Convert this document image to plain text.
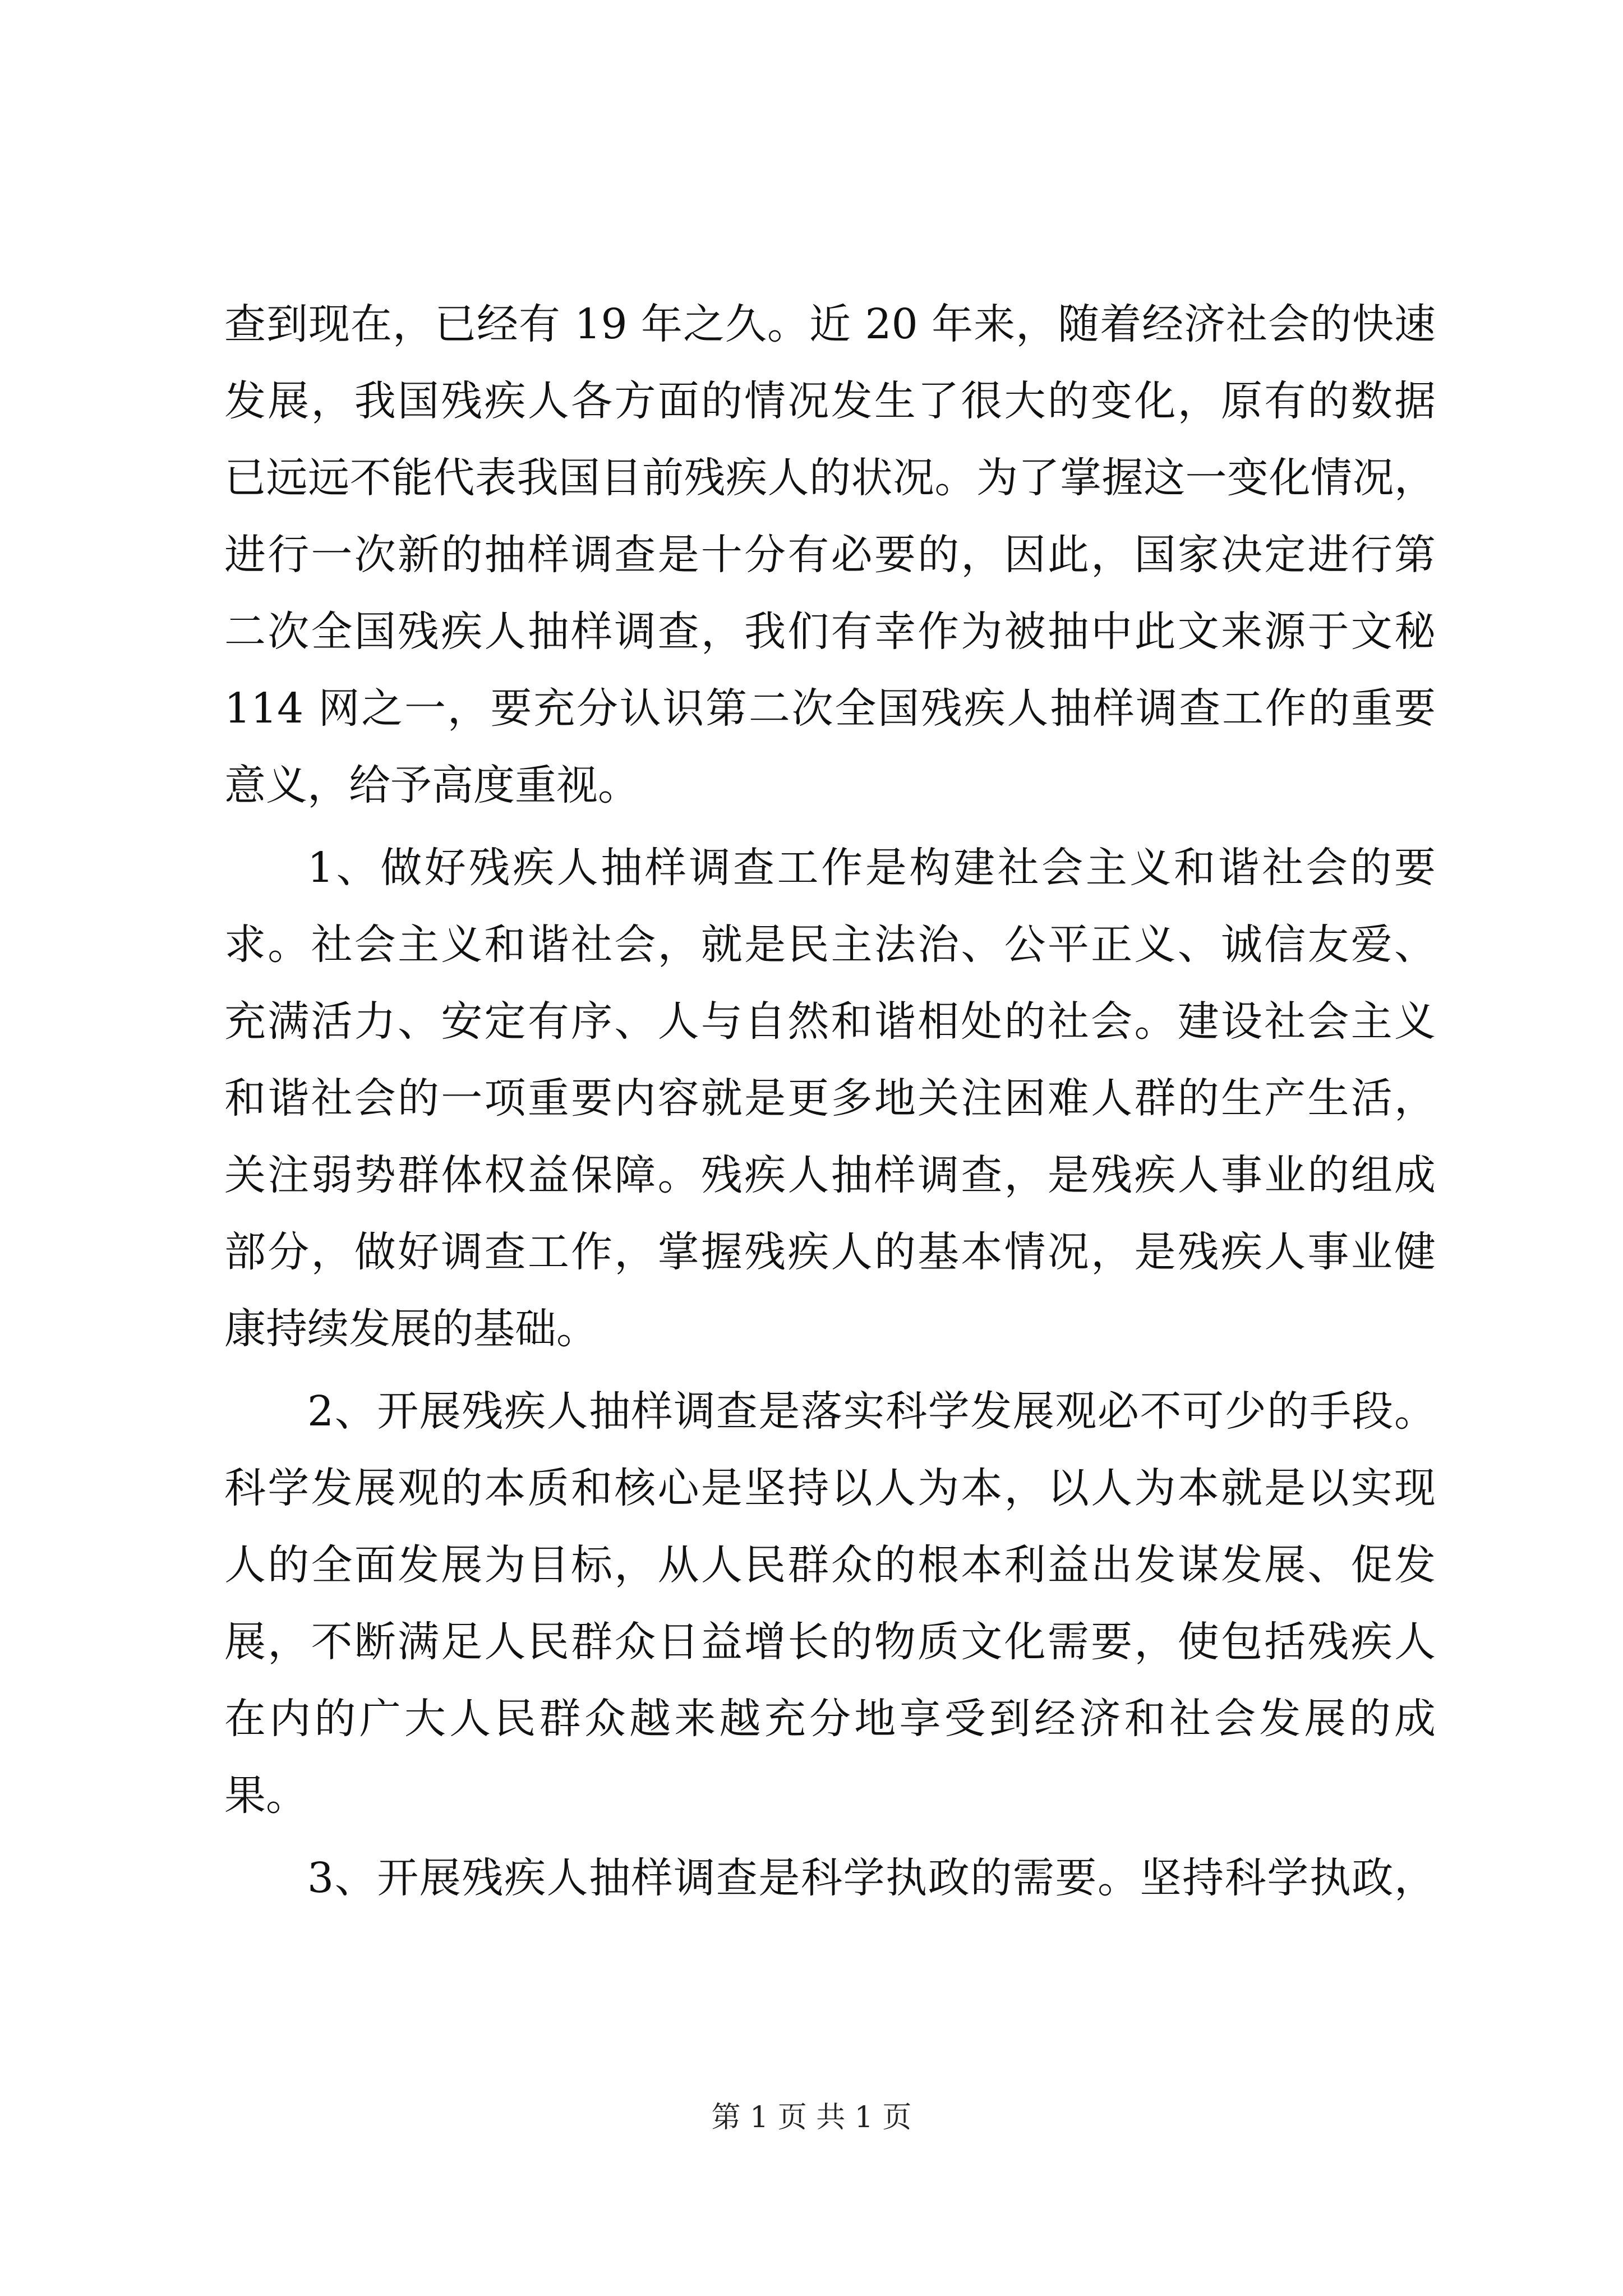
查到现在，已经有 19 年之久。近 20 年来，随着经济社会的快速
发展，我国残疾人各方面的情况发生了很大的变化，原有的数据
已远远不能代表我国目前残疾人的状况。为了掌握这一变化情况，
进行一次新的抽样调查是十分有必要的，因此，国家决定进行第
二次全国残疾人抽样调查，我们有幸作为被抽中此文来源于文秘
114 网之一，要充分认识第二次全国残疾人抽样调查工作的重要
意义，给予高度重视。
1、做好残疾人抽样调查工作是构建社会主义和谐社会的要
求。社会主义和谐社会，就是民主法治、公平正义、诚信友爱、
充满活力、安定有序、人与自然和谐相处的社会。建设社会主义
和谐社会的一项重要内容就是更多地关注困难人群的生产生活，
关注弱势群体权益保障。残疾人抽样调查，是残疾人事业的组成
部分，做好调查工作，掌握残疾人的基本情况，是残疾人事业健
康持续发展的基础。
2、开展残疾人抽样调查是落实科学发展观必不可少的手段。
科学发展观的本质和核心是坚持以人为本，以人为本就是以实现
人的全面发展为目标，从人民群众的根本利益出发谋发展、促发
展，不断满足人民群众日益增长的物质文化需要，使包括残疾人
在内的广大人民群众越来越充分地享受到经济和社会发展的成
果。
3、开展残疾人抽样调查是科学执政的需要。坚持科学执政，
第 1 页 共 1 页
